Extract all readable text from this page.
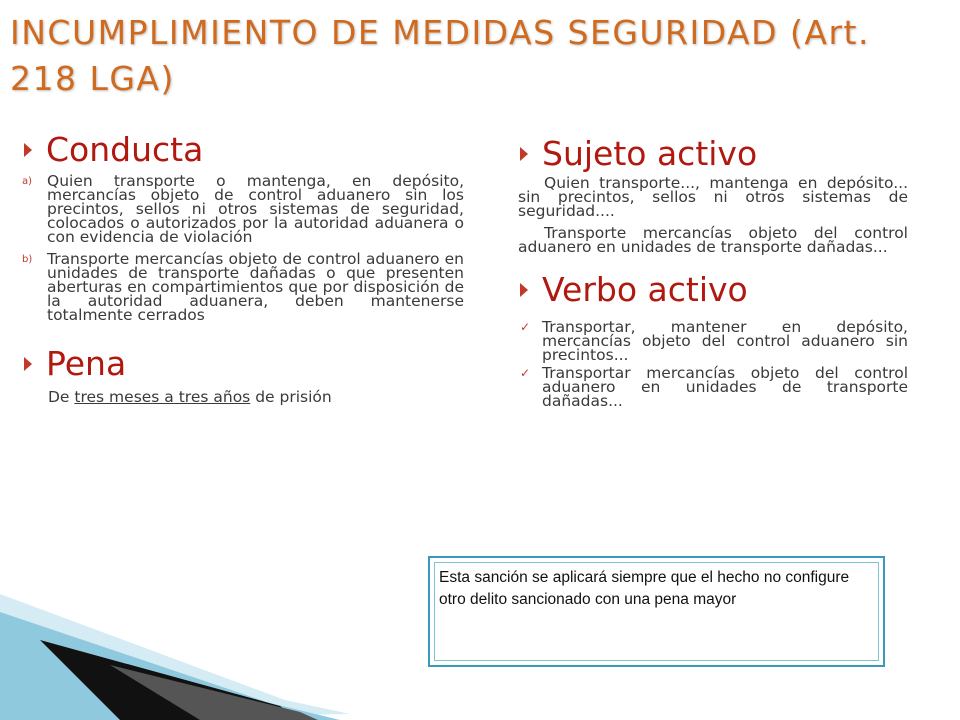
INCUMPLIMIENTO DE MEDIDAS SEGURIDAD (Art. 218 LGA)
Conducta
a) Quien transporte o mantenga, en depósito, mercancías objeto de control aduanero sin los precintos, sellos ni otros sistemas de seguridad, colocados o autorizados por la autoridad aduanera o con evidencia de violación
b) Transporte mercancías objeto de control aduanero en unidades de transporte dañadas o que presenten aberturas en compartimientos que por disposición de la autoridad aduanera, deben mantenerse totalmente cerrados
Pena

De tres meses a tres años de prisión

Sujeto activo

Quien transporte..., mantenga en depósito... sin precintos, sellos ni otros sistemas de seguridad....

Transporte mercancías objeto del control aduanero en unidades de transporte dañadas...

Verbo activo
✓ Transportar, mantener en depósito, mercancías objeto del control aduanero sin precintos...
✓ Transportar mercancías objeto del control aduanero en unidades de transporte dañadas...

Esta sanción se aplicará siempre que el hecho no configure otro delito sancionado con una pena mayor
